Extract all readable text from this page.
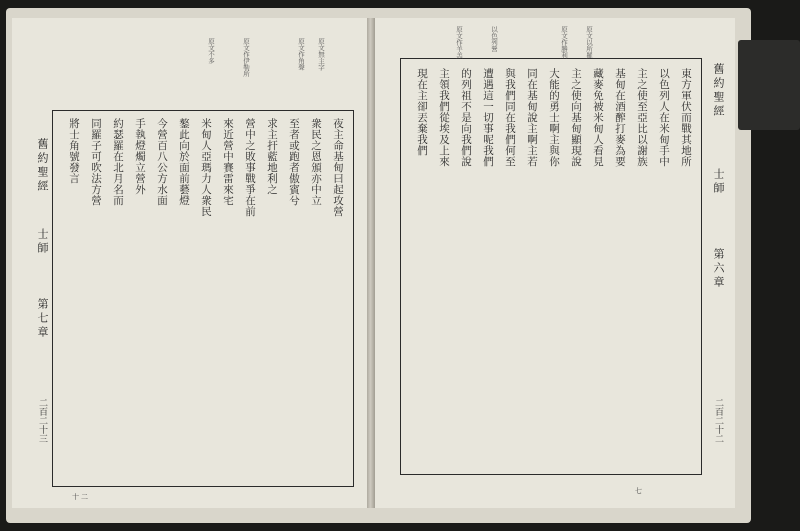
舊約聖經
士師
第七章
二百二十三
原文無主字
原文作角聲
原文作伊勒所
原文不多
夜主命基甸曰起攻營
衆民之恩頒亦中立
至者或跑者傲賓兮
求主扞藍地利之
營中之敗事戰爭在前
來近營中賽雷來宅
米甸人亞瑪力人衆民
鏊此向於面前藝燈
今營百八公方水面
手執燈燭立營外
約瑟羅在北月名而
同羅子可吹法方營
將士角號發言
十二
舊約聖經
士師
第六章
二百二十二
原文以所羅
原文作勝利
以色列營
原文作羊羔
東方軍伏而戰其地所
以色列人在米甸手中
主之使至亞比以謝族
基甸在酒醡打麥為要
藏麥免被米甸人看見
主之使向基甸顯現說
大能的勇士啊主與你
同在基甸說主啊主若
與我們同在我們何至
遭遇這一切事呢我們
的列祖不是向我們說
主領我們從埃及上來
現在主卻丟棄我們
七
